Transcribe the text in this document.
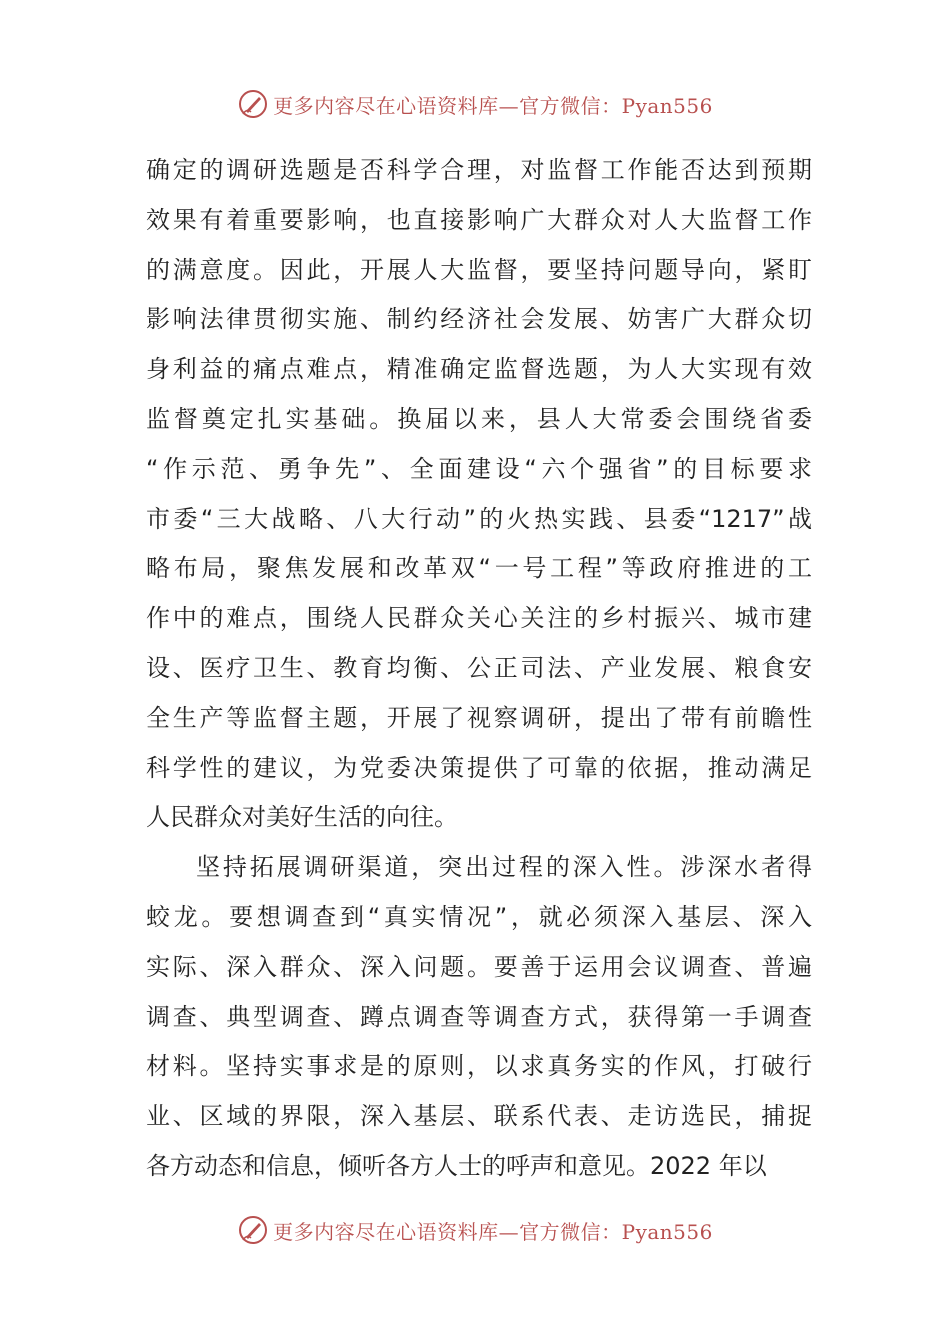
更多内容尽在心语资料库—官方微信：Pyan556
确定的调研选题是否科学合理，对监督工作能否达到预期
效果有着重要影响，也直接影响广大群众对人大监督工作
的满意度。因此，开展人大监督，要坚持问题导向，紧盯
影响法律贯彻实施、制约经济社会发展、妨害广大群众切
身利益的痛点难点，精准确定监督选题，为人大实现有效
监督奠定扎实基础。换届以来，县人大常委会围绕省委
“作示范、勇争先”、全面建设“六个强省”的目标要求
市委“三大战略、八大行动”的火热实践、县委“1217”战
略布局，聚焦发展和改革双“一号工程”等政府推进的工
作中的难点，围绕人民群众关心关注的乡村振兴、城市建
设、医疗卫生、教育均衡、公正司法、产业发展、粮食安
全生产等监督主题，开展了视察调研，提出了带有前瞻性
科学性的建议，为党委决策提供了可靠的依据，推动满足
人民群众对美好生活的向往。
坚持拓展调研渠道，突出过程的深入性。涉深水者得
蛟龙。要想调查到“真实情况”，就必须深入基层、深入
实际、深入群众、深入问题。要善于运用会议调查、普遍
调查、典型调查、蹲点调查等调查方式，获得第一手调查
材料。坚持实事求是的原则，以求真务实的作风，打破行
业、区域的界限，深入基层、联系代表、走访选民，捕捉
各方动态和信息，倾听各方人士的呼声和意见。2022 年以
更多内容尽在心语资料库—官方微信：Pyan556
